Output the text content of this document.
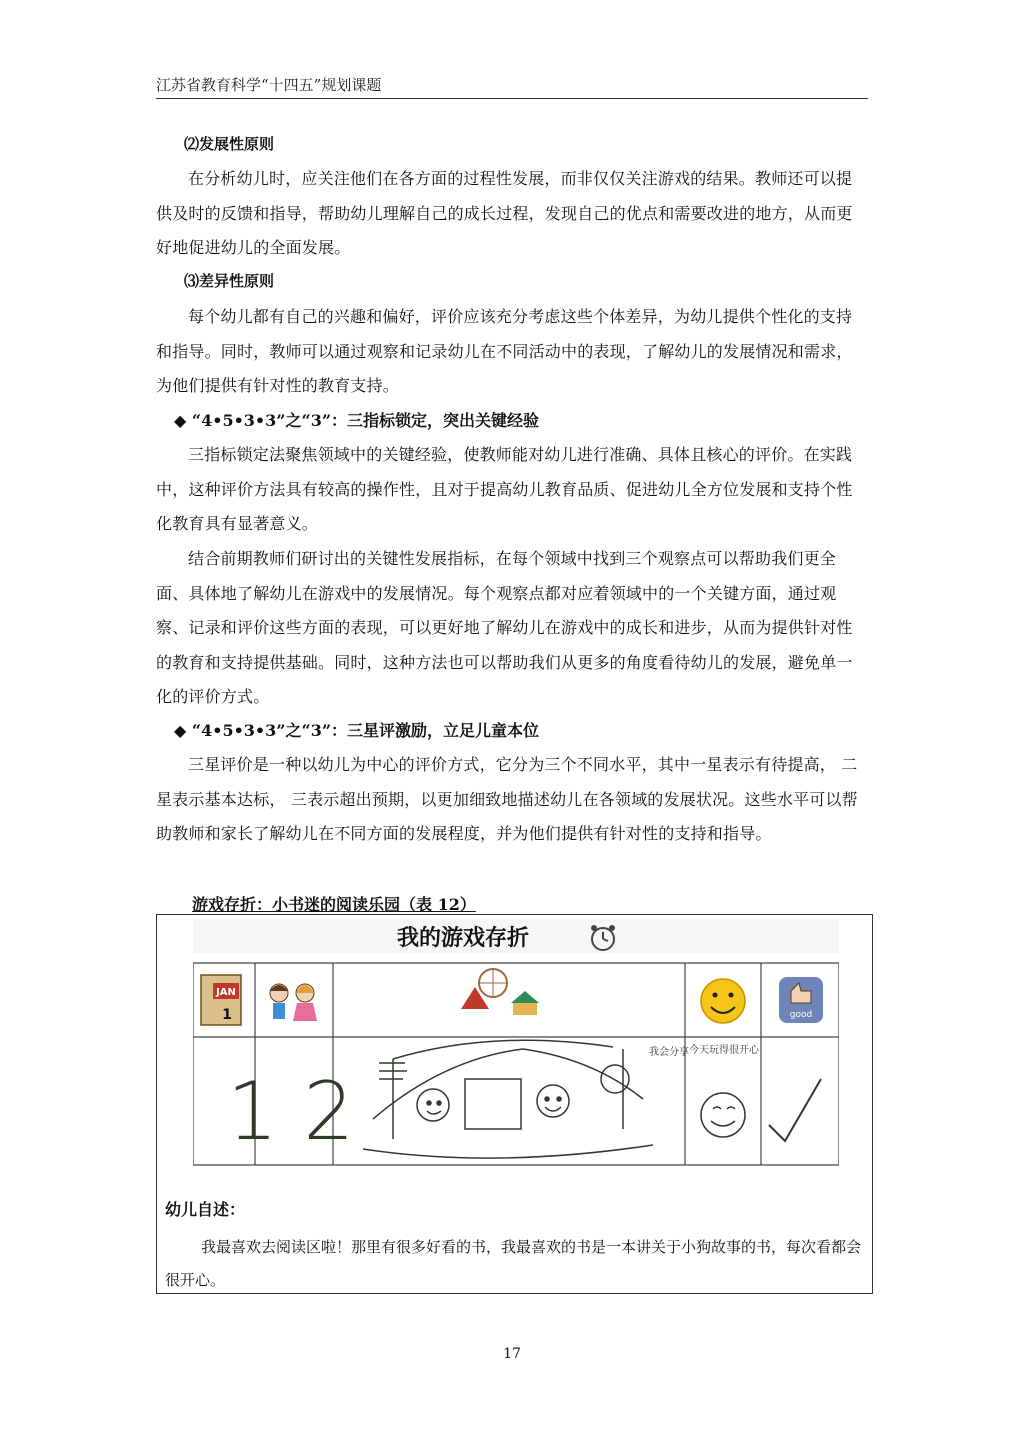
江苏省教育科学“十四五”规划课题

⑵发展性原则

在分析幼儿时，应关注他们在各方面的过程性发展，而非仅仅关注游戏的结果。教师还可以提供及时的反馈和指导，帮助幼儿理解自己的成长过程，发现自己的优点和需要改进的地方，从而更好地促进幼儿的全面发展。

⑶差异性原则

每个幼儿都有自己的兴趣和偏好，评价应该充分考虑这些个体差异，为幼儿提供个性化的支持和指导。同时，教师可以通过观察和记录幼儿在不同活动中的表现，了解幼儿的发展情况和需求，为他们提供有针对性的教育支持。

◆ “4•5•3•3”之“3”：三指标锁定，突出关键经验

三指标锁定法聚焦领域中的关键经验，使教师能对幼儿进行准确、具体且核心的评价。在实践中，这种评价方法具有较高的操作性，且对于提高幼儿教育品质、促进幼儿全方位发展和支持个性化教育具有显著意义。

结合前期教师们研讨出的关键性发展指标，在每个领域中找到三个观察点可以帮助我们更全面、具体地了解幼儿在游戏中的发展情况。每个观察点都对应着领域中的一个关键方面，通过观察、记录和评价这些方面的表现，可以更好地了解幼儿在游戏中的成长和进步，从而为提供针对性的教育和支持提供基础。同时，这种方法也可以帮助我们从更多的角度看待幼儿的发展，避免单一化的评价方式。

◆ “4•5•3•3”之“3”：三星评激励，立足儿童本位

三星评价是一种以幼儿为中心的评价方式，它分为三个不同水平，其中一星表示有待提高， 二星表示基本达标， 三表示超出预期，以更加细致地描述幼儿在各领域的发展状况。这些水平可以帮助教师和家长了解幼儿在不同方面的发展程度，并为他们提供有针对性的支持和指导。

游戏存折：小书迷的阅读乐园（表 12）
我的游戏存折
JAN
1	good
1 2
我会分享 今天玩得很开心
幼儿自述：

我最喜欢去阅读区啦！那里有很多好看的书，我最喜欢的书是一本讲关于小狗故事的书，每次看都会很开心。

17
